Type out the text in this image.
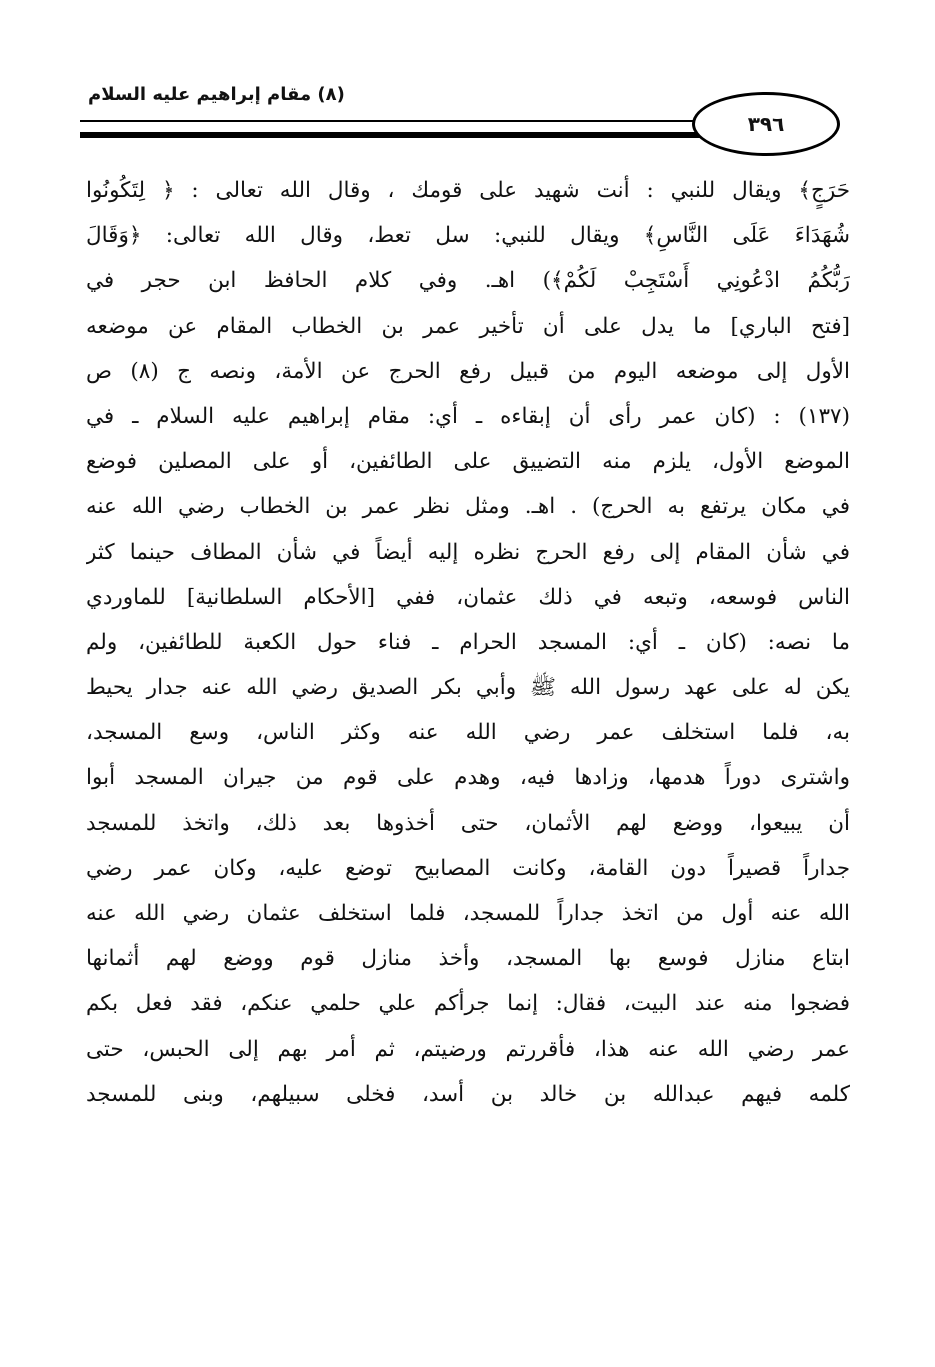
(٨) مقام إبراهيم عليه السلام
٣٩٦
حَرَجٍ﴾ ويقال للنبي : أنت شهيد على قومك ، وقال الله تعالى : ﴿ لِتَكُونُوا
شُهَدَاءَ عَلَى النَّاسِ﴾ ويقال للنبي: سل تعط، وقال الله تعالى: ﴿وَقَالَ
رَبُّكُمُ ادْعُونِي أَسْتَجِبْ لَكُمْ﴾) اهـ. وفي كلام الحافظ ابن حجر في
[فتح الباري] ما يدل على أن تأخير عمر بن الخطاب المقام عن موضعه
الأول إلى موضعه اليوم من قبيل رفع الحرج عن الأمة، ونصه ج (٨) ص
(١٣٧) : (كان عمر رأى أن إبقاءه ـ أي: مقام إبراهيم عليه السلام ـ في
الموضع الأول، يلزم منه التضييق على الطائفين، أو على المصلين فوضع
في مكان يرتفع به الحرج) . اهـ. ومثل نظر عمر بن الخطاب رضي الله عنه
في شأن المقام إلى رفع الحرج نظره إليه أيضاً في شأن المطاف حينما كثر
الناس فوسعه، وتبعه في ذلك عثمان، ففي [الأحكام السلطانية] للماوردي
ما نصه: (كان ـ أي: المسجد الحرام ـ فناء حول الكعبة للطائفين، ولم
يكن له على عهد رسول الله ﷺ وأبي بكر الصديق رضي الله عنه جدار يحيط
به، فلما استخلف عمر رضي الله عنه وكثر الناس، وسع المسجد،
واشترى دوراً هدمها، وزادها فيه، وهدم على قوم من جيران المسجد أبوا
أن يبيعوا، ووضع لهم الأثمان، حتى أخذوها بعد ذلك، واتخذ للمسجد
جداراً قصيراً دون القامة، وكانت المصابيح توضع عليه، وكان عمر رضي
الله عنه أول من اتخذ جداراً للمسجد، فلما استخلف عثمان رضي الله عنه
ابتاع منازل فوسع بها المسجد، وأخذ منازل قوم ووضع لهم أثمانها
فضجوا منه عند البيت، فقال: إنما جرأكم علي حلمي عنكم، فقد فعل بكم
عمر رضي الله عنه هذا، فأقررتم ورضيتم، ثم أمر بهم إلى الحبس، حتى
كلمه فيهم عبدالله بن خالد بن أسد، فخلى سبيلهم، وبنى للمسجد
